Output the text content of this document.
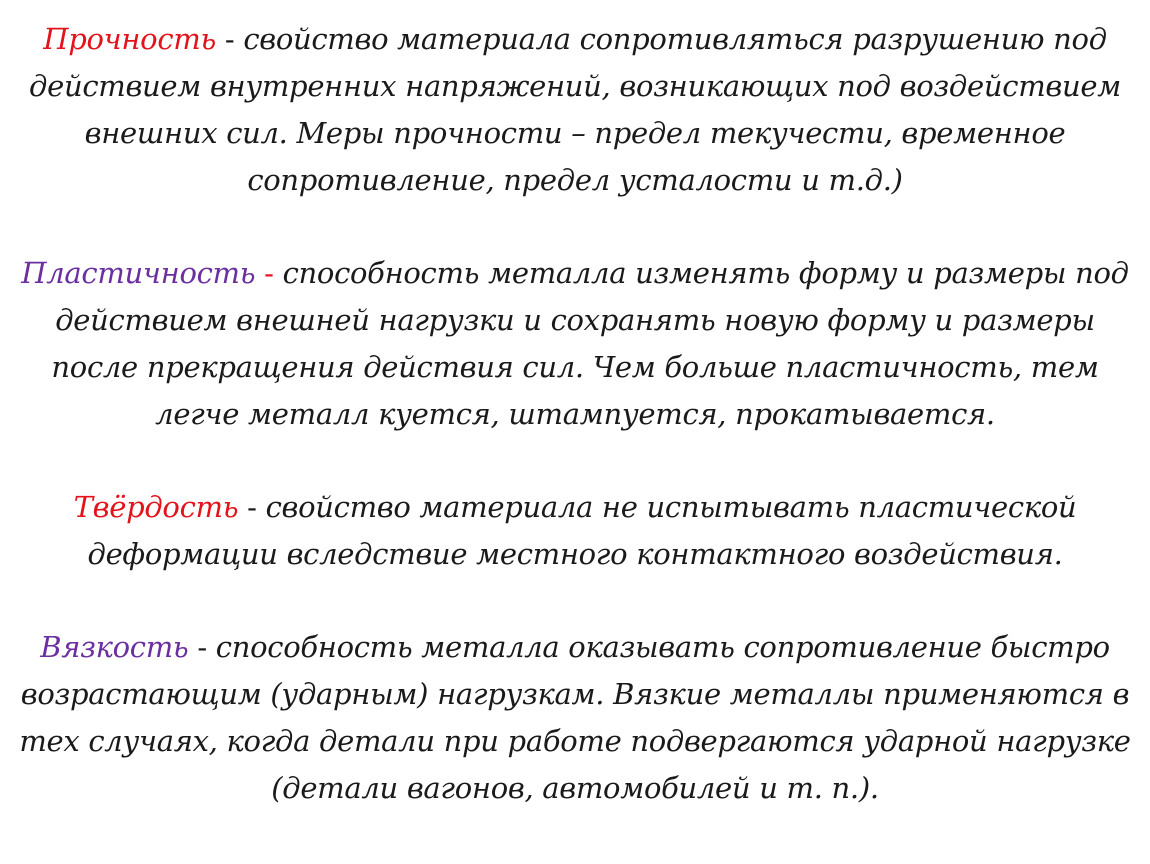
Прочность - свойство материала сопротивляться разрушению под действием внутренних напряжений, возникающих под воздействием внешних сил. Меры прочности – предел текучести, временное сопротивление, предел усталости и т.д.)

Пластичность - способность металла изменять форму и размеры под действием внешней нагрузки и сохранять новую форму и размеры после прекращения действия сил. Чем больше пластичность, тем легче металл куется, штампуется, прокатывается.

Твёрдость - свойство материала не испытывать пластической деформации вследствие местного контактного воздействия.

Вязкость - способность металла оказывать сопротивление быстро возрастающим (ударным) нагрузкам. Вязкие металлы применяются в тех случаях, когда детали при работе подвергаются ударной нагрузке (детали вагонов, автомобилей и т. п.).
